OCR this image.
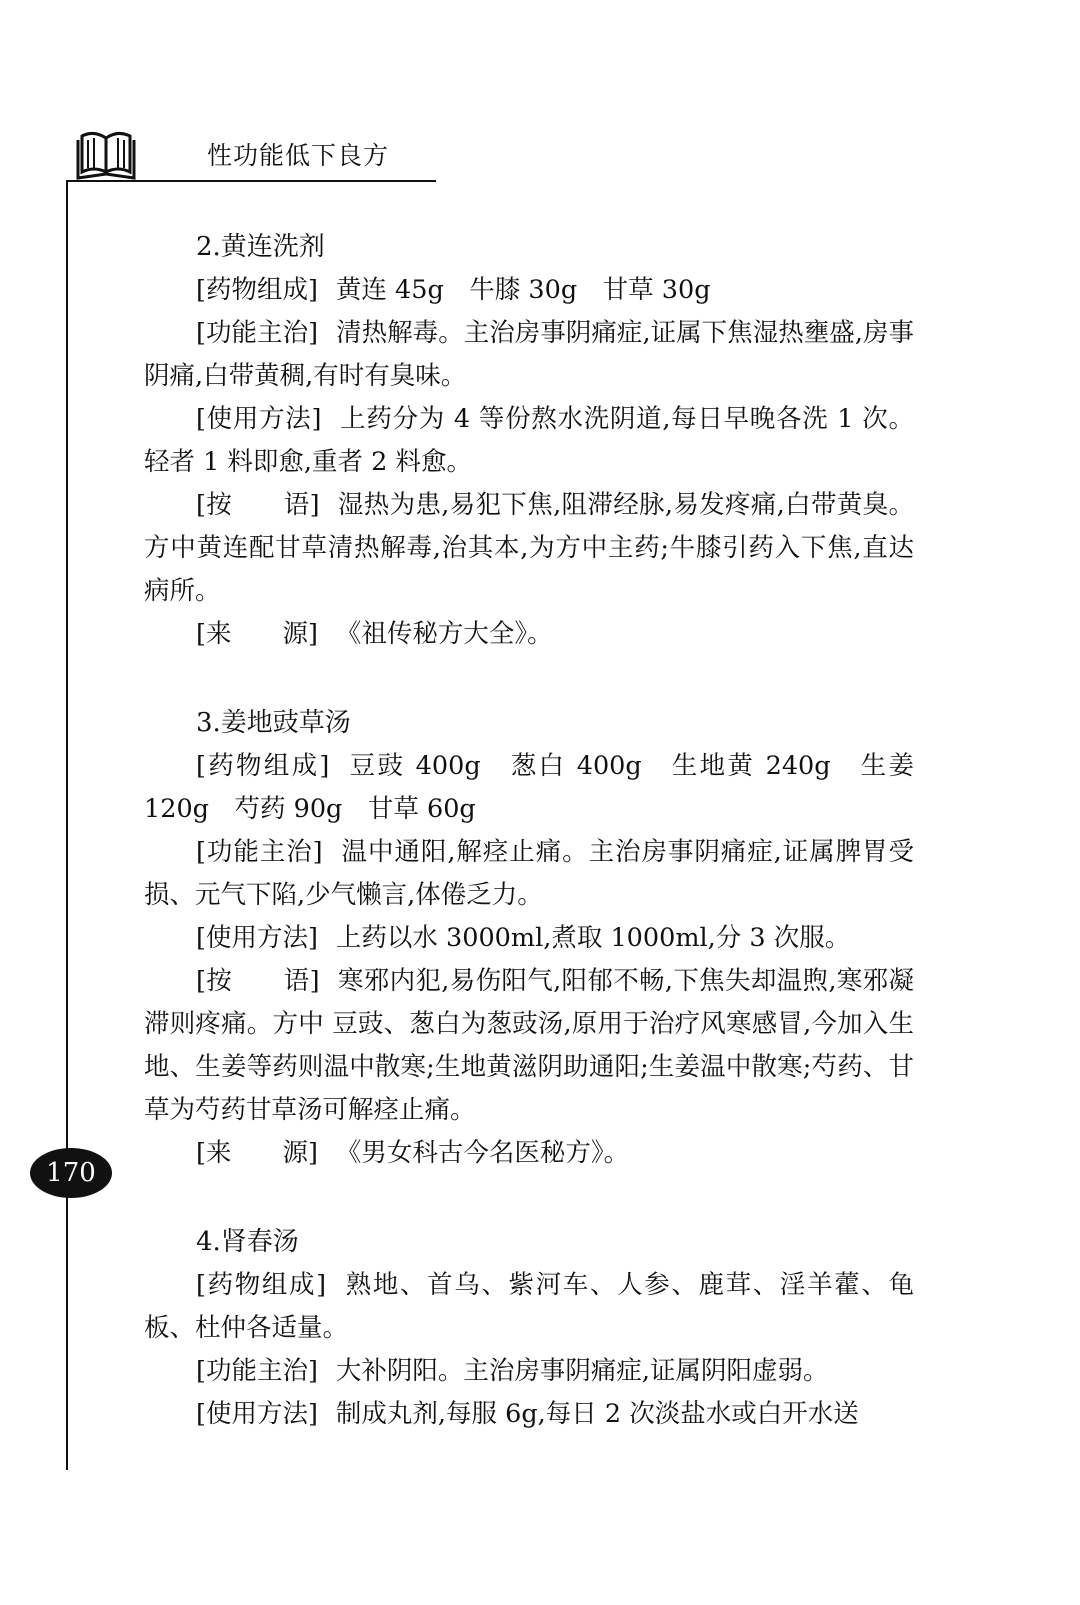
性功能低下良方
170

2.黄连洗剂

[药物组成] 黄连 45g　牛膝 30g　甘草 30g

[功能主治] 清热解毒。主治房事阴痛症,证属下焦湿热壅盛,房事阴痛,白带黄稠,有时有臭味。

[使用方法] 上药分为 4 等份熬水洗阴道,每日早晚各洗 1 次。轻者 1 料即愈,重者 2 料愈。

[按　　语] 湿热为患,易犯下焦,阻滞经脉,易发疼痛,白带黄臭。方中黄连配甘草清热解毒,治其本,为方中主药;牛膝引药入下焦,直达病所。

[来　　源] 《祖传秘方大全》。

3.姜地豉草汤

[药物组成] 豆豉 400g　葱白 400g　生地黄 240g　生姜 120g　芍药 90g　甘草 60g

[功能主治] 温中通阳,解痉止痛。主治房事阴痛症,证属脾胃受损、元气下陷,少气懒言,体倦乏力。

[使用方法] 上药以水 3000ml,煮取 1000ml,分 3 次服。

[按　　语] 寒邪内犯,易伤阳气,阳郁不畅,下焦失却温煦,寒邪凝滞则疼痛。方中 豆豉、葱白为葱豉汤,原用于治疗风寒感冒,今加入生地、生姜等药则温中散寒;生地黄滋阴助通阳;生姜温中散寒;芍药、甘草为芍药甘草汤可解痉止痛。

[来　　源] 《男女科古今名医秘方》。

4.肾春汤

[药物组成] 熟地、首乌、紫河车、人参、鹿茸、淫羊藿、龟板、杜仲各适量。

[功能主治] 大补阴阳。主治房事阴痛症,证属阴阳虚弱。

[使用方法] 制成丸剂,每服 6g,每日 2 次淡盐水或白开水送
